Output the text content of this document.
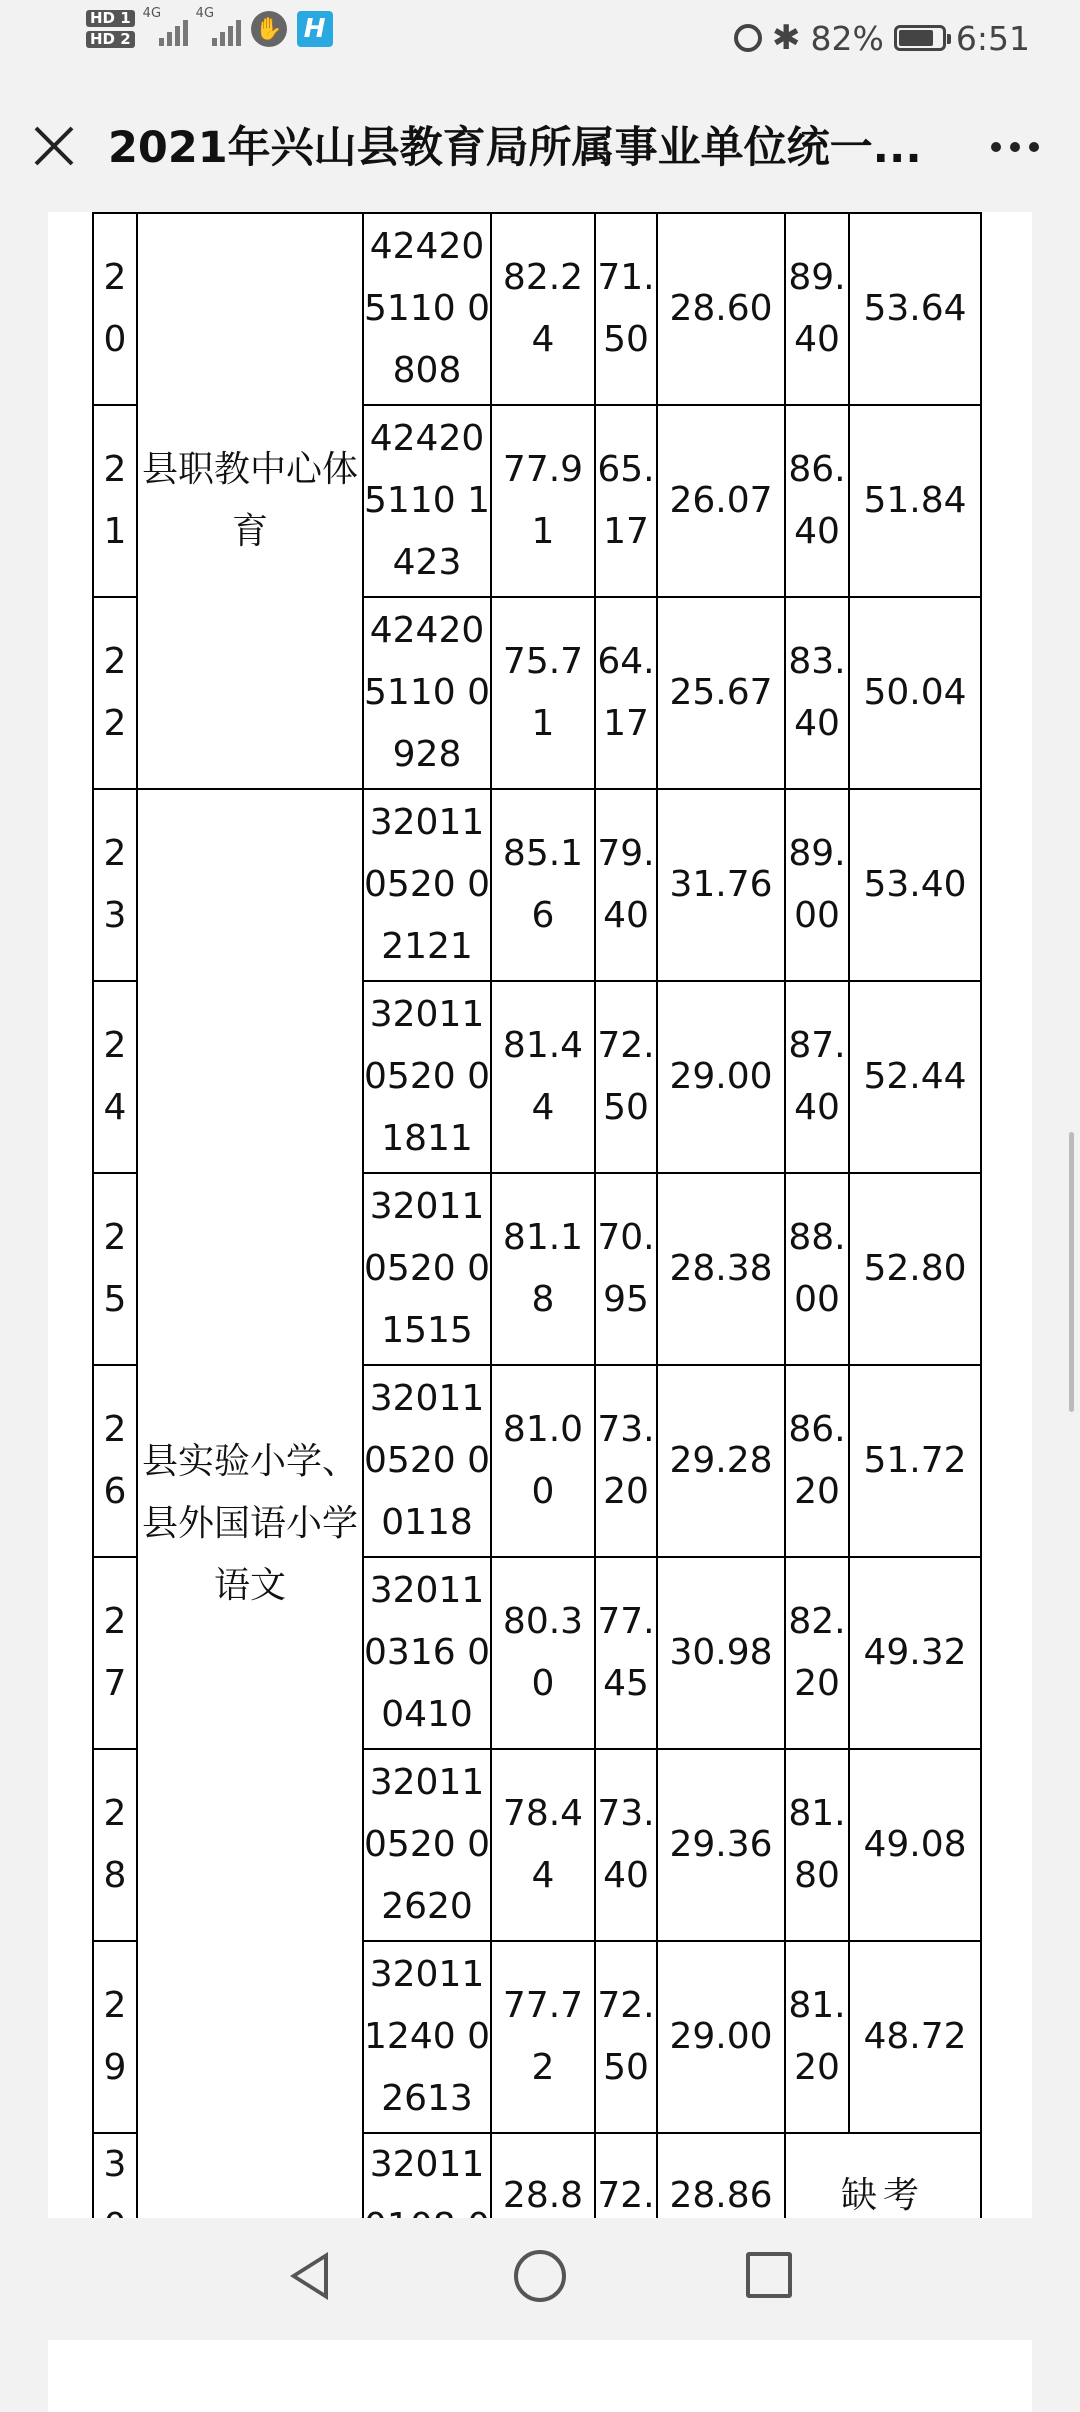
HD 1
HD 2
4G	4G
✋ H	✱ 82% 6:51
2021年兴山县教育局所属事业单位统一...
20	县职教中心体育	424205110 0808	82.24	71.50	28.60	89.40	53.64
21		424205110 1423	77.91	65.17	26.07	86.40	51.84
22		424205110 0928	75.71	64.17	25.67	83.40	50.04
23	县实验小学、县外国语小学语文	320110520 02121	85.16	79.40	31.76	89.00	53.40
24		320110520 01811	81.44	72.50	29.00	87.40	52.44
25		320110520 01515	81.18	70.95	28.38	88.00	52.80
26		320110520 00118	81.00	73.20	29.28	86.20	51.72
27		320110316 00410	80.30	77.45	30.98	82.20	49.32
28		320110520 02620	78.44	73.40	29.36	81.80	49.08
29		320111240 02613	77.72	72.50	29.00	81.20	48.72
3		32011	28.8	72.	28.86	缺考	
